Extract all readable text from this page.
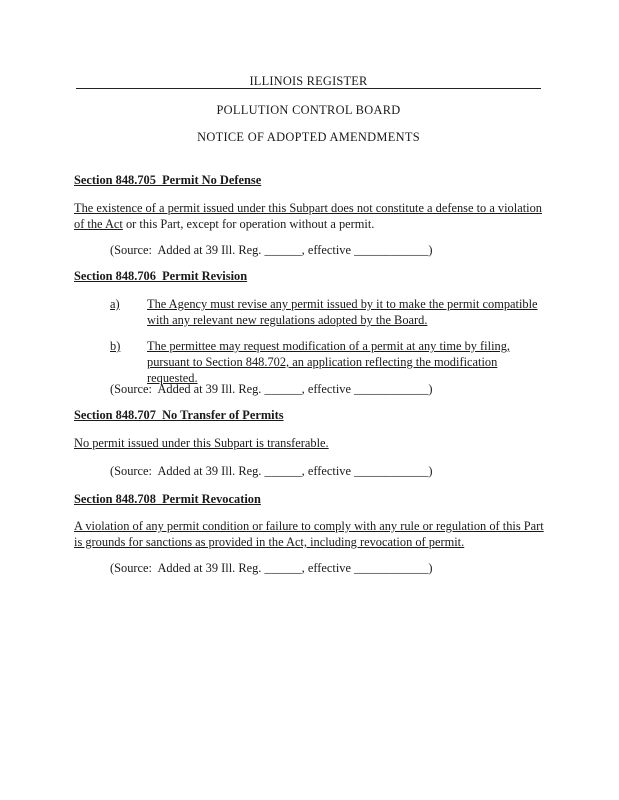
ILLINOIS REGISTER
POLLUTION CONTROL BOARD
NOTICE OF ADOPTED AMENDMENTS
Section 848.705  Permit No Defense
The existence of a permit issued under this Subpart does not constitute a defense to a violation of the Act or this Part, except for operation without a permit.
(Source:  Added at 39 Ill. Reg. ______, effective ____________)
Section 848.706  Permit Revision
a) The Agency must revise any permit issued by it to make the permit compatible with any relevant new regulations adopted by the Board.
b) The permittee may request modification of a permit at any time by filing, pursuant to Section 848.702, an application reflecting the modification requested.
(Source:  Added at 39 Ill. Reg. ______, effective ____________)
Section 848.707  No Transfer of Permits
No permit issued under this Subpart is transferable.
(Source:  Added at 39 Ill. Reg. ______, effective ____________)
Section 848.708  Permit Revocation
A violation of any permit condition or failure to comply with any rule or regulation of this Part is grounds for sanctions as provided in the Act, including revocation of permit.
(Source:  Added at 39 Ill. Reg. ______, effective ____________)
